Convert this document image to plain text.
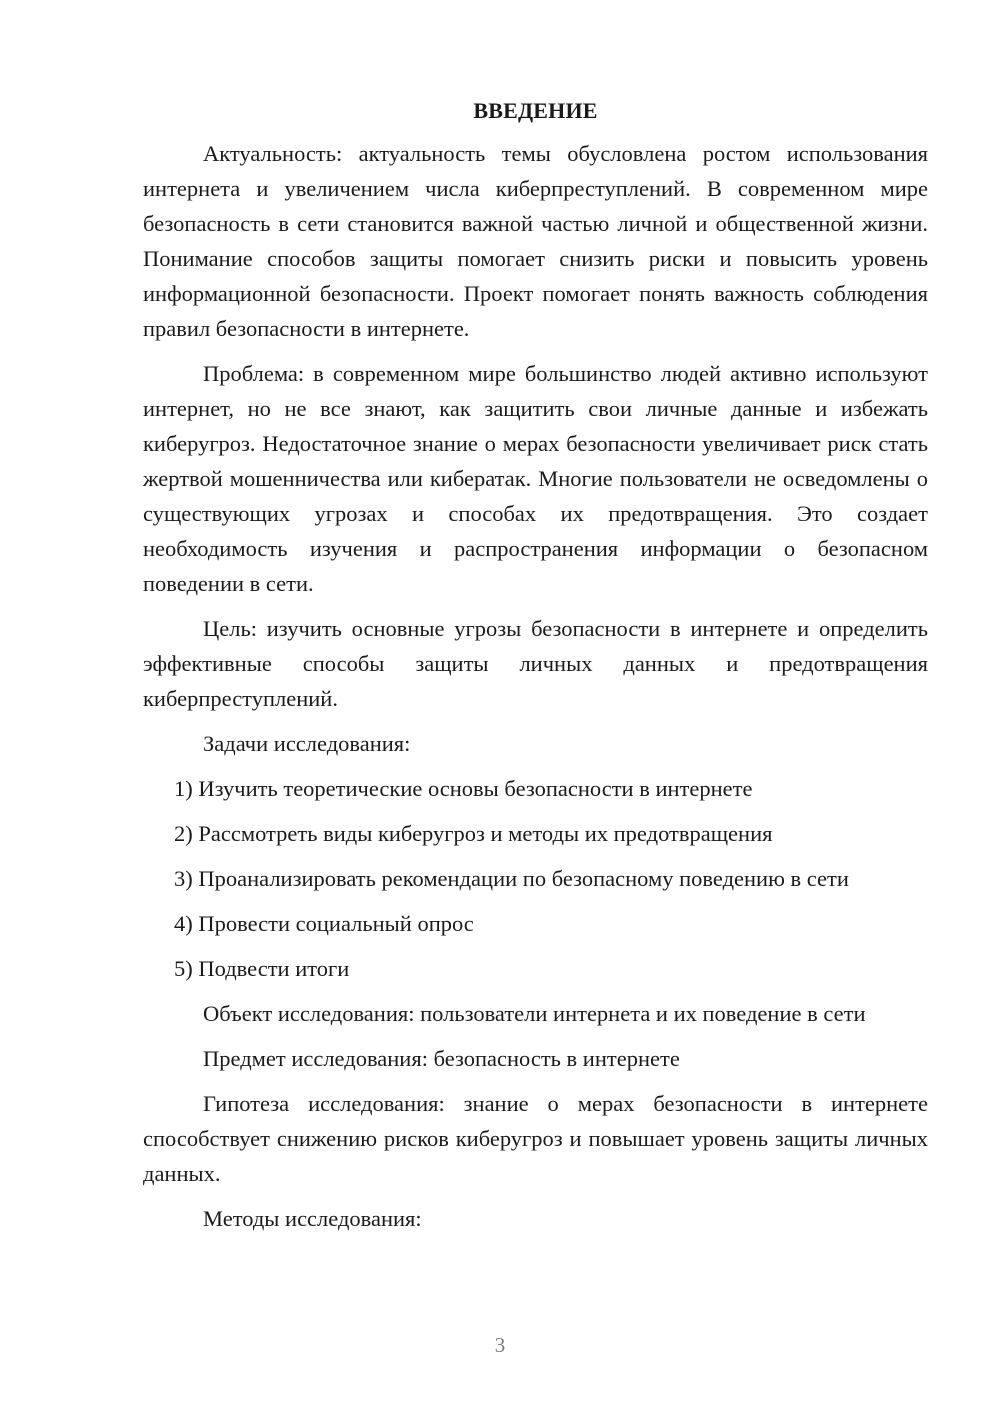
ВВЕДЕНИЕ

Актуальность: актуальность темы обусловлена ростом использования интернета и увеличением числа киберпреступлений. В современном мире безопасность в сети становится важной частью личной и общественной жизни. Понимание способов защиты помогает снизить риски и повысить уровень информационной безопасности. Проект помогает понять важность соблюдения правил безопасности в интернете.

Проблема: в современном мире большинство людей активно используют интернет, но не все знают, как защитить свои личные данные и избежать киберугроз. Недостаточное знание о мерах безопасности увеличивает риск стать жертвой мошенничества или кибератак. Многие пользователи не осведомлены о существующих угрозах и способах их предотвращения. Это создает необходимость изучения и распространения информации о безопасном поведении в сети.

Цель: изучить основные угрозы безопасности в интернете и определить эффективные способы защиты личных данных и предотвращения киберпреступлений.

Задачи исследования:

1) Изучить теоретические основы безопасности в интернете
2) Рассмотреть виды киберугроз и методы их предотвращения
3) Проанализировать рекомендации по безопасному поведению в сети
4) Провести социальный опрос
5) Подвести итоги

Объект исследования: пользователи интернета и их поведение в сети

Предмет исследования: безопасность в интернете

Гипотеза исследования: знание о мерах безопасности в интернете способствует снижению рисков киберугроз и повышает уровень защиты личных данных.

Методы исследования:

3
